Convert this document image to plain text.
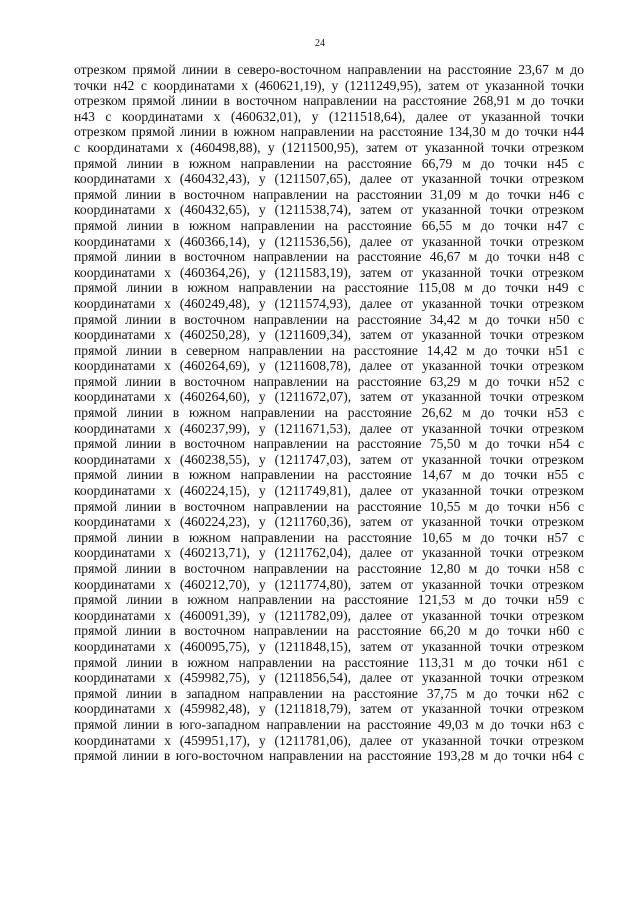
24
отрезком прямой линии в северо-восточном направлении на расстояние 23,67 м до
точки н42 с координатами х (460621,19), у (1211249,95), затем от указанной точки
отрезком прямой линии в восточном направлении на расстояние 268,91 м до точки
н43 с координатами х (460632,01), у (1211518,64), далее от указанной точки
отрезком прямой линии в южном направлении на расстояние 134,30 м до точки н44
с координатами х (460498,88), у (1211500,95), затем от указанной точки отрезком
прямой линии в южном направлении на расстояние 66,79 м до точки н45 с
координатами х (460432,43), у (1211507,65), далее от указанной точки отрезком
прямой линии в восточном направлении на расстоянии 31,09 м до точки н46 с
координатами х (460432,65), у (1211538,74), затем от указанной точки отрезком
прямой линии в южном направлении на расстояние 66,55 м до точки н47 с
координатами х (460366,14), у (1211536,56), далее от указанной точки отрезком
прямой линии в восточном направлении на расстояние 46,67 м до точки н48 с
координатами х (460364,26), у (1211583,19), затем от указанной точки отрезком
прямой линии в южном направлении на расстояние 115,08 м до точки н49 с
координатами х (460249,48), у (1211574,93), далее от указанной точки отрезком
прямой линии в восточном направлении на расстояние 34,42 м до точки н50 с
координатами х (460250,28), у (1211609,34), затем от указанной точки отрезком
прямой линии в северном направлении на расстояние 14,42 м до точки н51 с
координатами х (460264,69), у (1211608,78), далее от указанной точки отрезком
прямой линии в восточном направлении на расстояние 63,29 м до точки н52 с
координатами х (460264,60), у (1211672,07), затем от указанной точки отрезком
прямой линии в южном направлении на расстояние 26,62 м до точки н53 с
координатами х (460237,99), у (1211671,53), далее от указанной точки отрезком
прямой линии в восточном направлении на расстояние 75,50 м до точки н54 с
координатами х (460238,55), у (1211747,03), затем от указанной точки отрезком
прямой линии в южном направлении на расстояние 14,67 м до точки н55 с
координатами х (460224,15), у (1211749,81), далее от указанной точки отрезком
прямой линии в восточном направлении на расстояние 10,55 м до точки н56 с
координатами х (460224,23), у (1211760,36), затем от указанной точки отрезком
прямой линии в южном направлении на расстояние 10,65 м до точки н57 с
координатами х (460213,71), у (1211762,04), далее от указанной точки отрезком
прямой линии в восточном направлении на расстояние 12,80 м до точки н58 с
координатами х (460212,70), у (1211774,80), затем от указанной точки отрезком
прямой линии в южном направлении на расстояние 121,53 м до точки н59 с
координатами х (460091,39), у (1211782,09), далее от указанной точки отрезком
прямой линии в восточном направлении на расстояние 66,20 м до точки н60 с
координатами х (460095,75), у (1211848,15), затем от указанной точки отрезком
прямой линии в южном направлении на расстояние 113,31 м до точки н61 с
координатами х (459982,75), у (1211856,54), далее от указанной точки отрезком
прямой линии в западном направлении на расстояние 37,75 м до точки н62 с
координатами х (459982,48), у (1211818,79), затем от указанной точки отрезком
прямой линии в юго-западном направлении на расстояние 49,03 м до точки н63 с
координатами х (459951,17), у (1211781,06), далее от указанной точки отрезком
прямой линии в юго-восточном направлении на расстояние 193,28 м до точки н64 с
